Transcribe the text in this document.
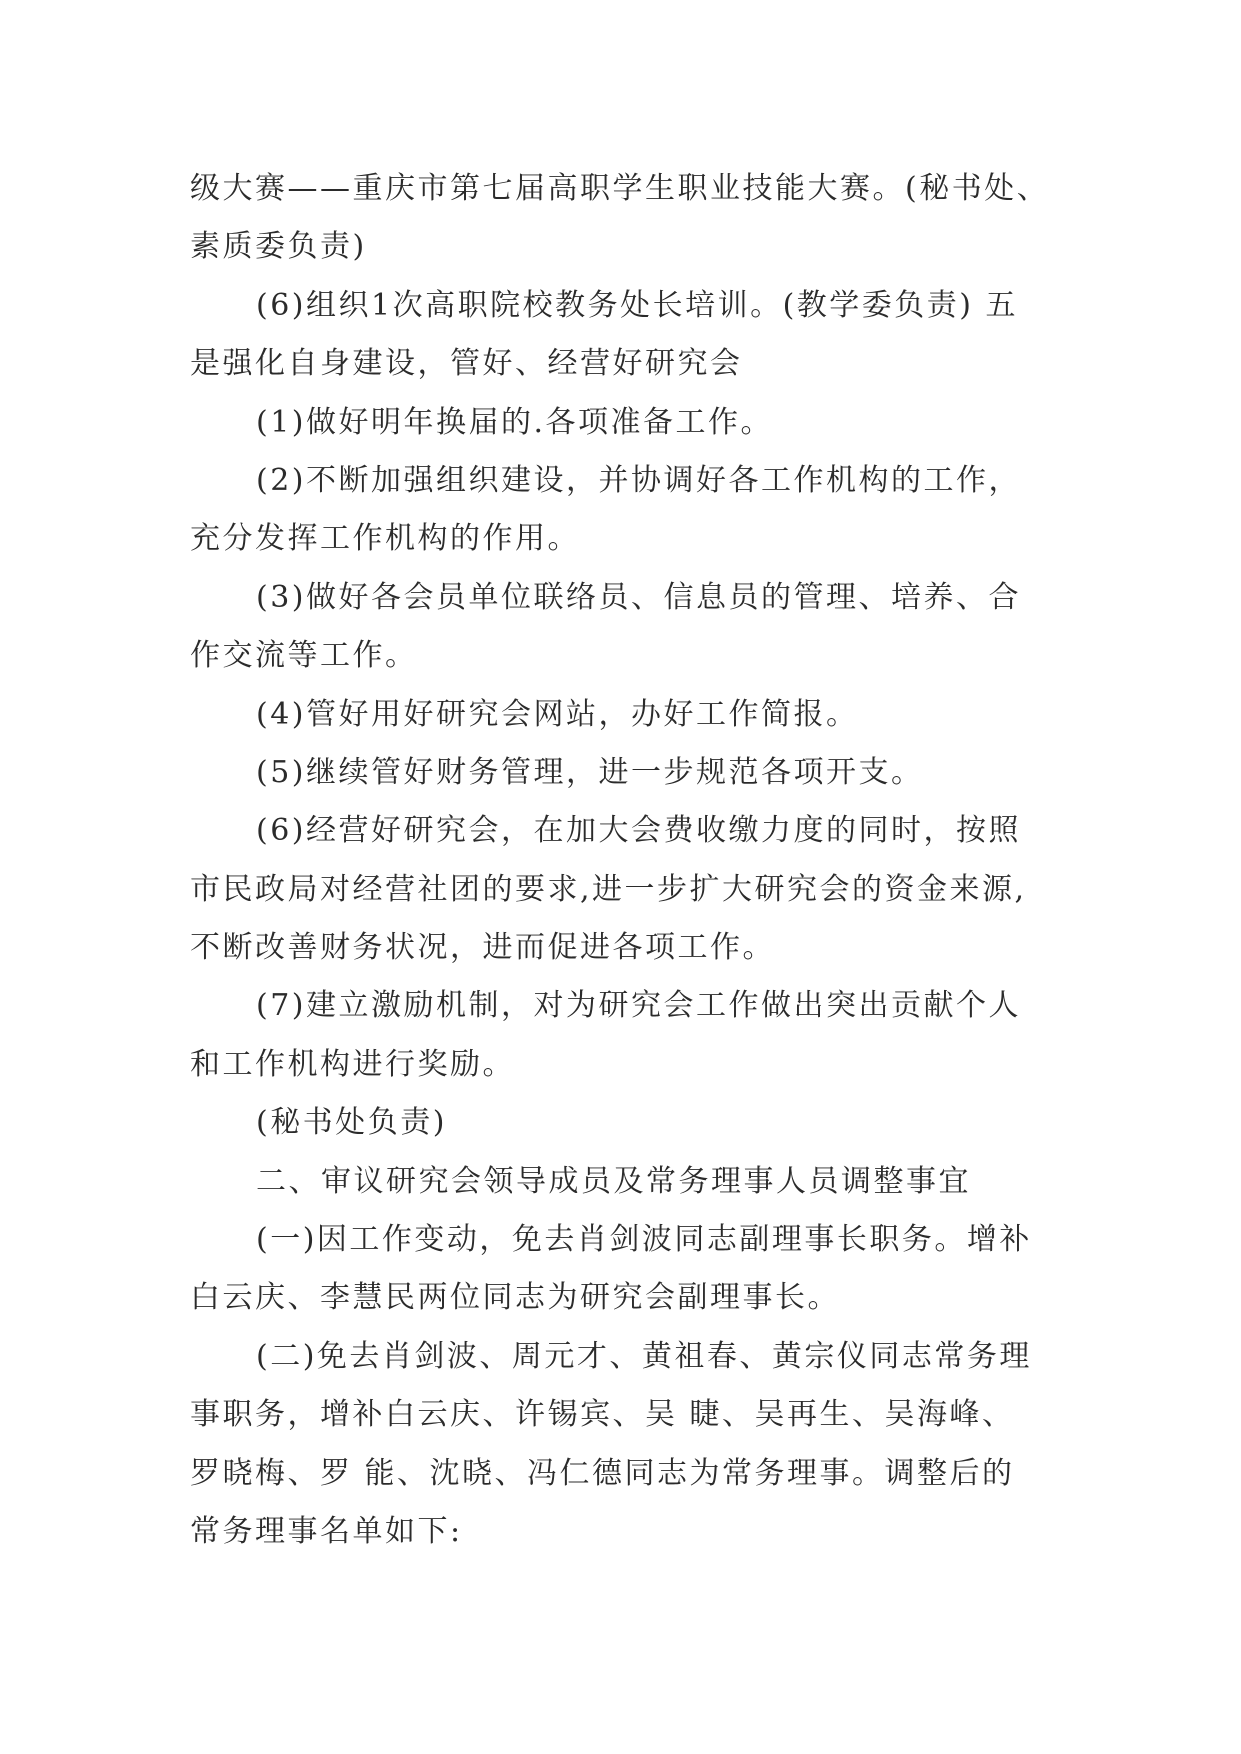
级大赛——重庆市第七届高职学生职业技能大赛。(秘书处、
素质委负责)
(6)组织1次高职院校教务处长培训。(教学委负责) 五
是强化自身建设，管好、经营好研究会
(1)做好明年换届的.各项准备工作。
(2)不断加强组织建设，并协调好各工作机构的工作，
充分发挥工作机构的作用。
(3)做好各会员单位联络员、信息员的管理、培养、合
作交流等工作。
(4)管好用好研究会网站，办好工作简报。
(5)继续管好财务管理，进一步规范各项开支。
(6)经营好研究会，在加大会费收缴力度的同时，按照
市民政局对经营社团的要求,进一步扩大研究会的资金来源,
不断改善财务状况，进而促进各项工作。
(7)建立激励机制，对为研究会工作做出突出贡献个人
和工作机构进行奖励。
(秘书处负责)
二、审议研究会领导成员及常务理事人员调整事宜
(一)因工作变动，免去肖剑波同志副理事长职务。增补
白云庆、李慧民两位同志为研究会副理事长。
(二)免去肖剑波、周元才、黄祖春、黄宗仪同志常务理
事职务，增补白云庆、许锡宾、吴 睫、吴再生、吴海峰、
罗晓梅、罗 能、沈晓、冯仁德同志为常务理事。调整后的
常务理事名单如下:
